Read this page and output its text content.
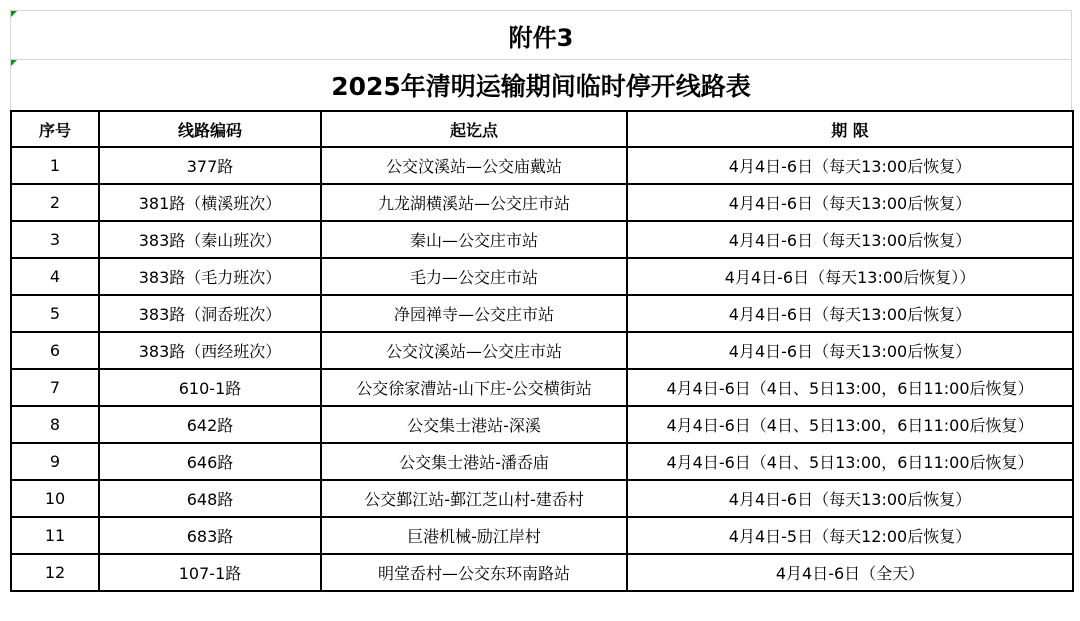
附件3
2025年清明运输期间临时停开线路表
序号	线路编码	起讫点	期 限
1	377路	公交汶溪站—公交庙戴站	4月4日-6日（每天13:00后恢复）
2	381路（横溪班次）	九龙湖横溪站—公交庄市站	4月4日-6日（每天13:00后恢复）
3	383路（秦山班次）	秦山—公交庄市站	4月4日-6日（每天13:00后恢复）
4	383路（毛力班次）	毛力—公交庄市站	4月4日-6日（每天13:00后恢复））
5	383路（洞岙班次）	净园禅寺—公交庄市站	4月4日-6日（每天13:00后恢复）
6	383路（西经班次）	公交汶溪站—公交庄市站	4月4日-6日（每天13:00后恢复）
7	610-1路	公交徐家漕站-山下庄-公交横街站	4月4日-6日（4日、5日13:00，6日11:00后恢复）
8	642路	公交集士港站-深溪	4月4日-6日（4日、5日13:00，6日11:00后恢复）
9	646路	公交集士港站-潘岙庙	4月4日-6日（4日、5日13:00，6日11:00后恢复）
10	648路	公交鄞江站-鄞江芝山村-建岙村	4月4日-6日（每天13:00后恢复）
11	683路	巨港机械-励江岸村	4月4日-5日（每天12:00后恢复）
12	107-1路	明堂岙村—公交东环南路站	4月4日-6日（全天）
